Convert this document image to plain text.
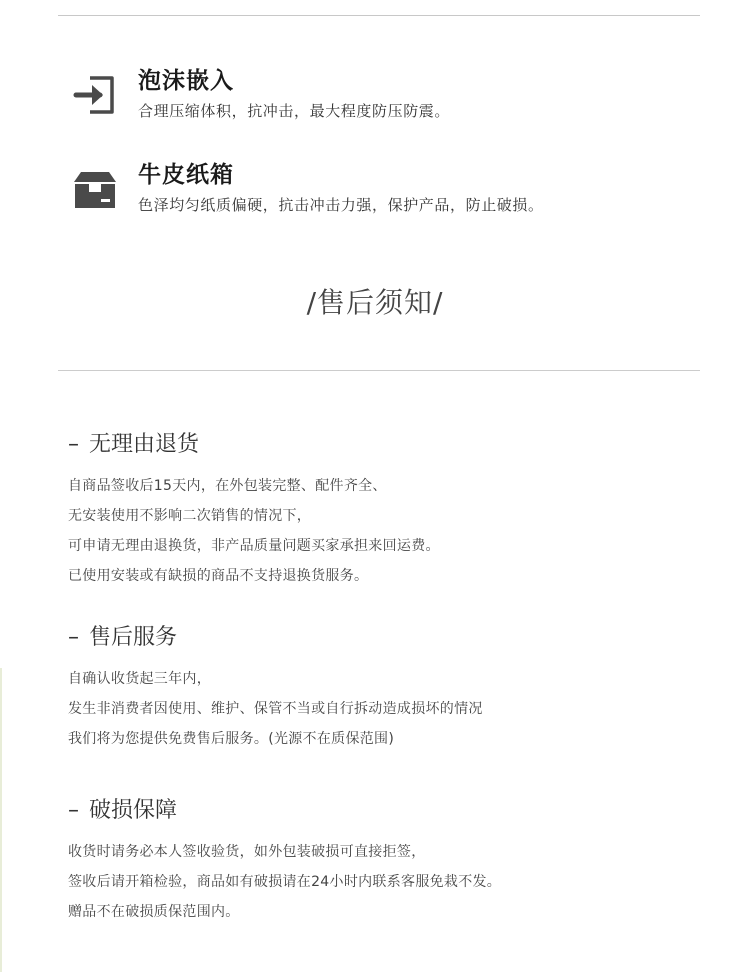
泡沫嵌入
合理压缩体积，抗冲击，最大程度防压防震。
牛皮纸箱
色泽均匀纸质偏硬，抗击冲击力强，保护产品，防止破损。
/售后须知/
– 无理由退货
自商品签收后15天内，在外包装完整、配件齐全、
无安装使用不影响二次销售的情况下，
可申请无理由退换货，非产品质量问题买家承担来回运费。
已使用安装或有缺损的商品不支持退换货服务。
– 售后服务
自确认收货起三年内，
发生非消费者因使用、维护、保管不当或自行拆动造成损坏的情况
我们将为您提供免费售后服务。(光源不在质保范围)
– 破损保障
收货时请务必本人签收验货，如外包装破损可直接拒签，
签收后请开箱检验，商品如有破损请在24小时内联系客服免栽不发。
赠品不在破损质保范围内。
